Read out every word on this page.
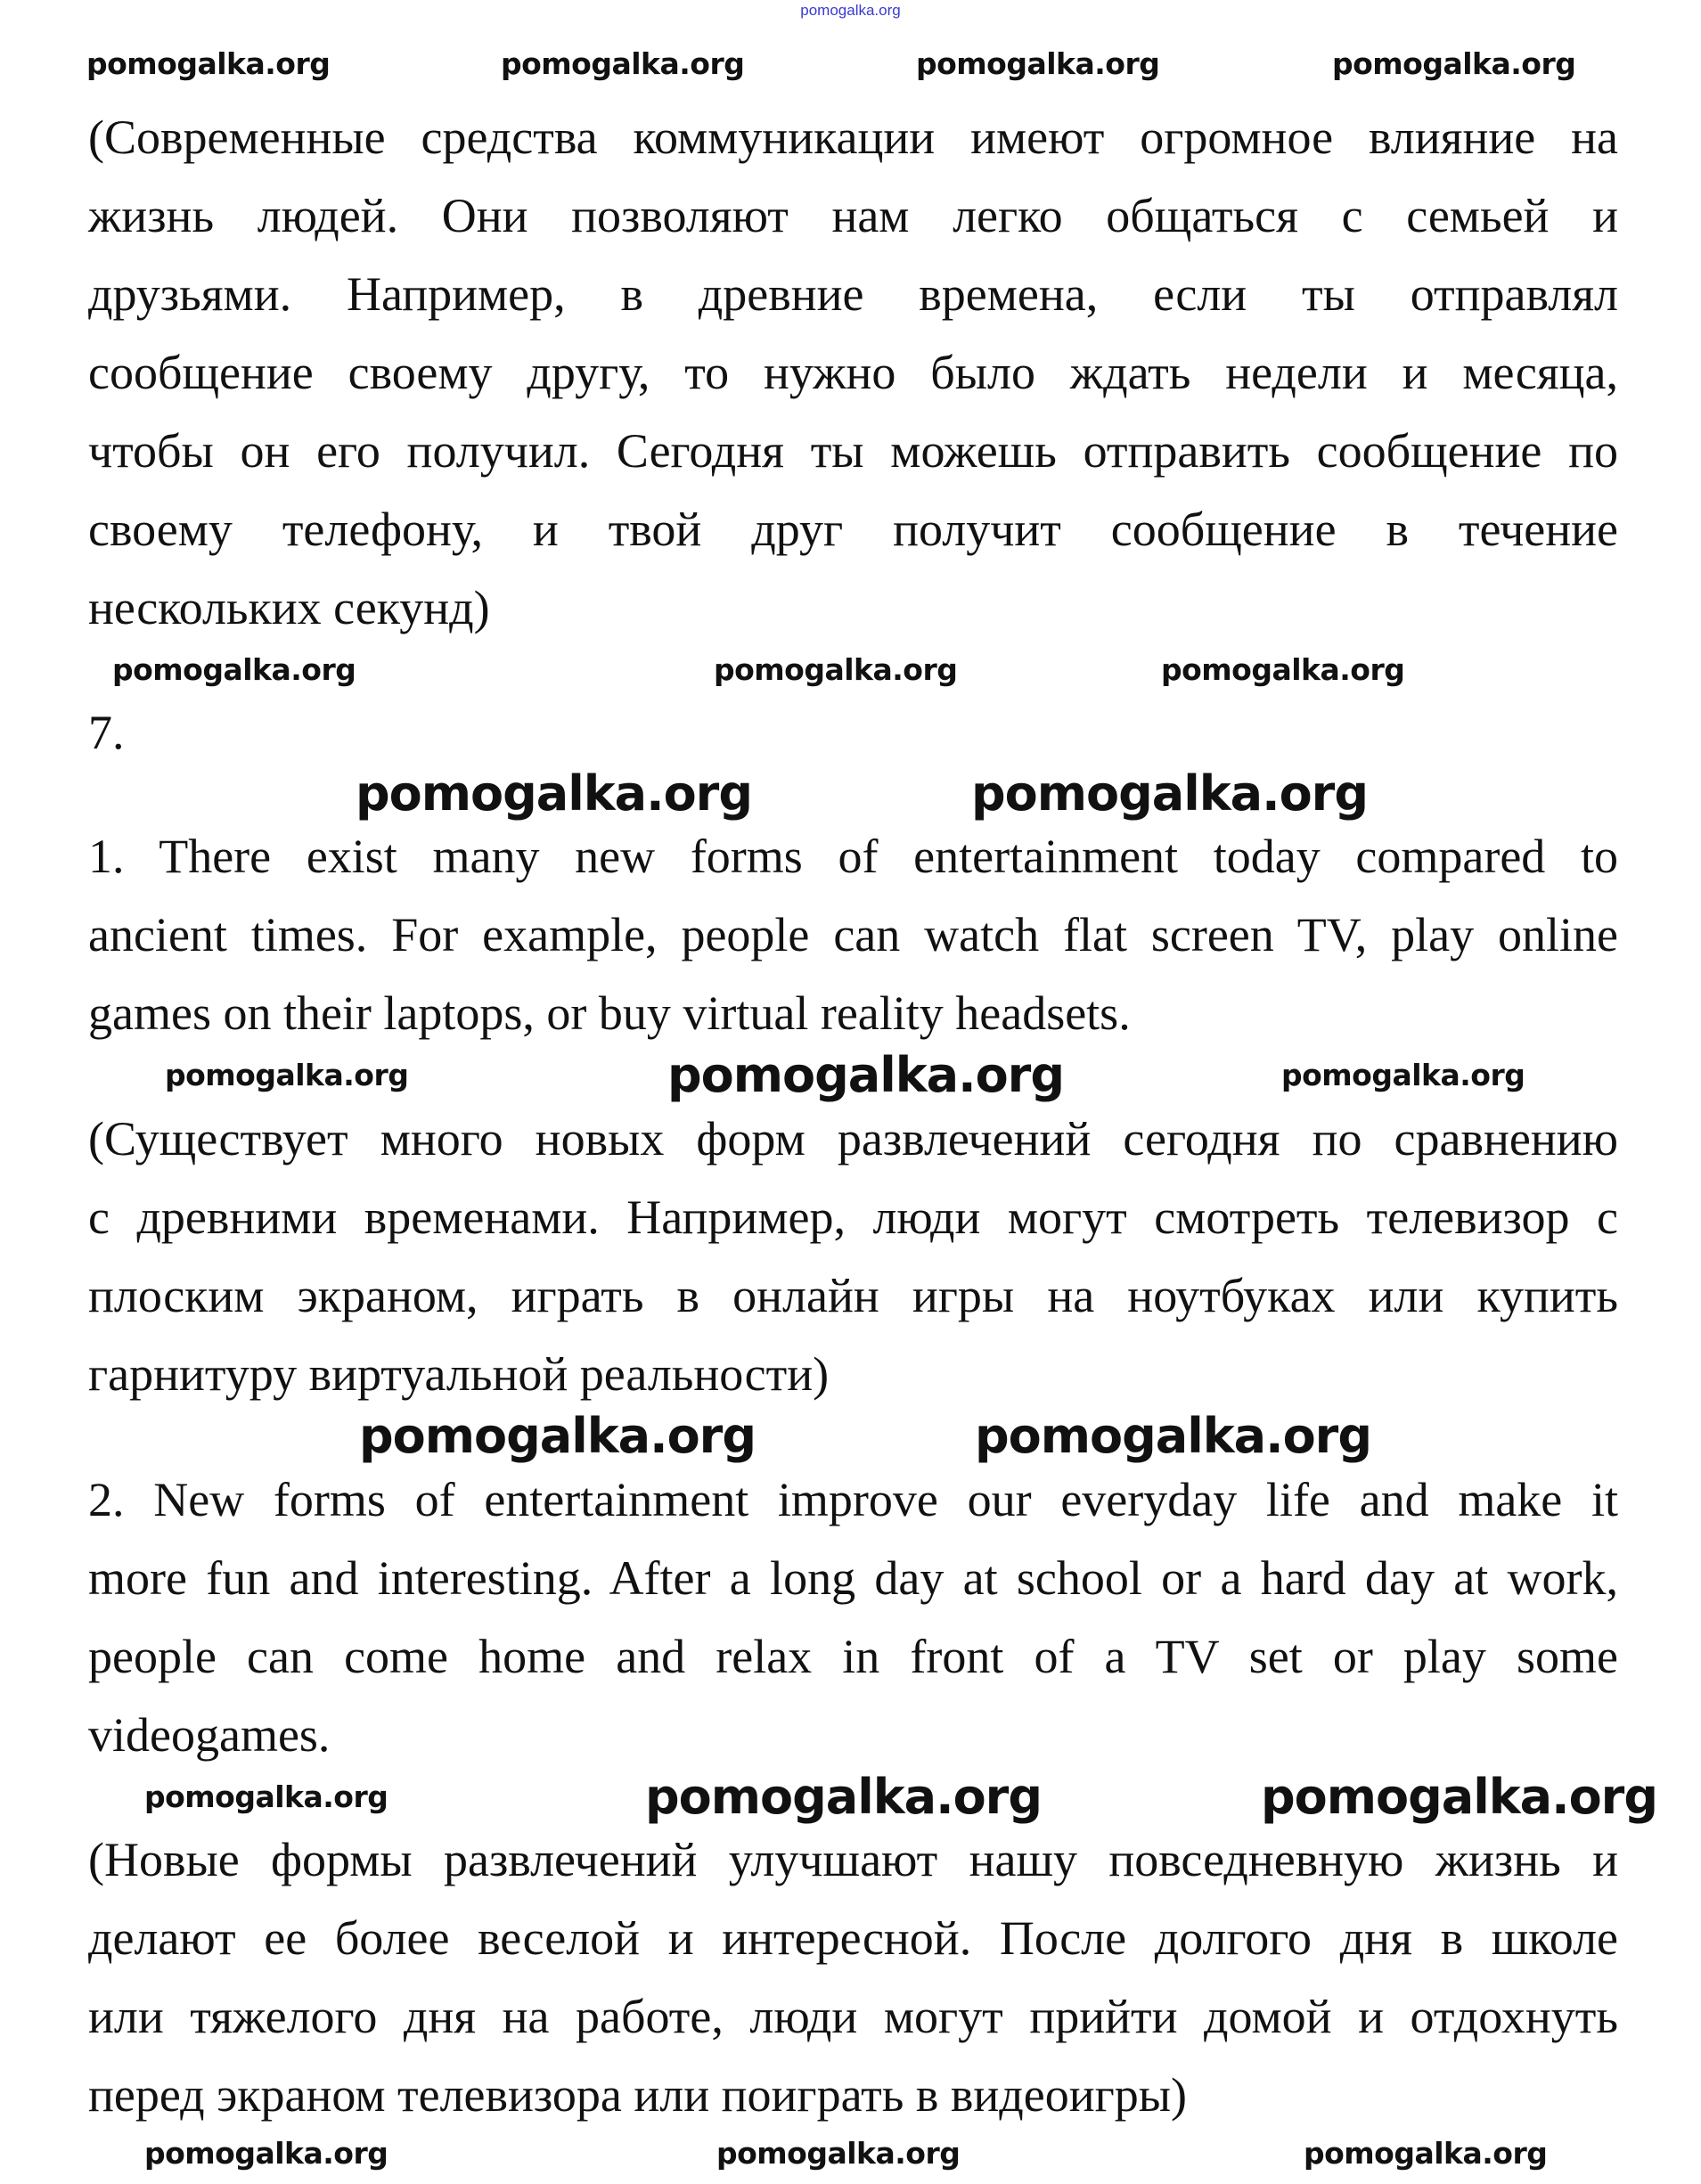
pomogalka.org
(Современные средства коммуникации имеют огромное влияние на
жизнь людей. Они позволяют нам легко общаться с семьей и
друзьями. Например, в древние времена, если ты отправлял
сообщение своему другу, то нужно было ждать недели и месяца,
чтобы он его получил. Сегодня ты можешь отправить сообщение по
своему телефону, и твой друг получит сообщение в течение
нескольких секунд)
7.
1. There exist many new forms of entertainment today compared to
ancient times. For example, people can watch flat screen TV, play online
games on their laptops, or buy virtual reality headsets.
(Существует много новых форм развлечений сегодня по сравнению
с древними временами. Например, люди могут смотреть телевизор с
плоским экраном, играть в онлайн игры на ноутбуках или купить
гарнитуру виртуальной реальности)
2. New forms of entertainment improve our everyday life and make it
more fun and interesting. After a long day at school or a hard day at work,
people can come home and relax in front of a TV set or play some
videogames.
(Новые формы развлечений улучшают нашу повседневную жизнь и
делают ее более веселой и интересной. После долгого дня в школе
или тяжелого дня на работе, люди могут прийти домой и отдохнуть
перед экраном телевизора или поиграть в видеоигры)
pomogalka.org	pomogalka.org	pomogalka.org	pomogalka.org
pomogalka.org	pomogalka.org	pomogalka.org
pomogalka.org	pomogalka.org
pomogalka.org	pomogalka.org	pomogalka.org
pomogalka.org	pomogalka.org
pomogalka.org	pomogalka.org
pomogalka.org
pomogalka.org	pomogalka.org	pomogalka.org
